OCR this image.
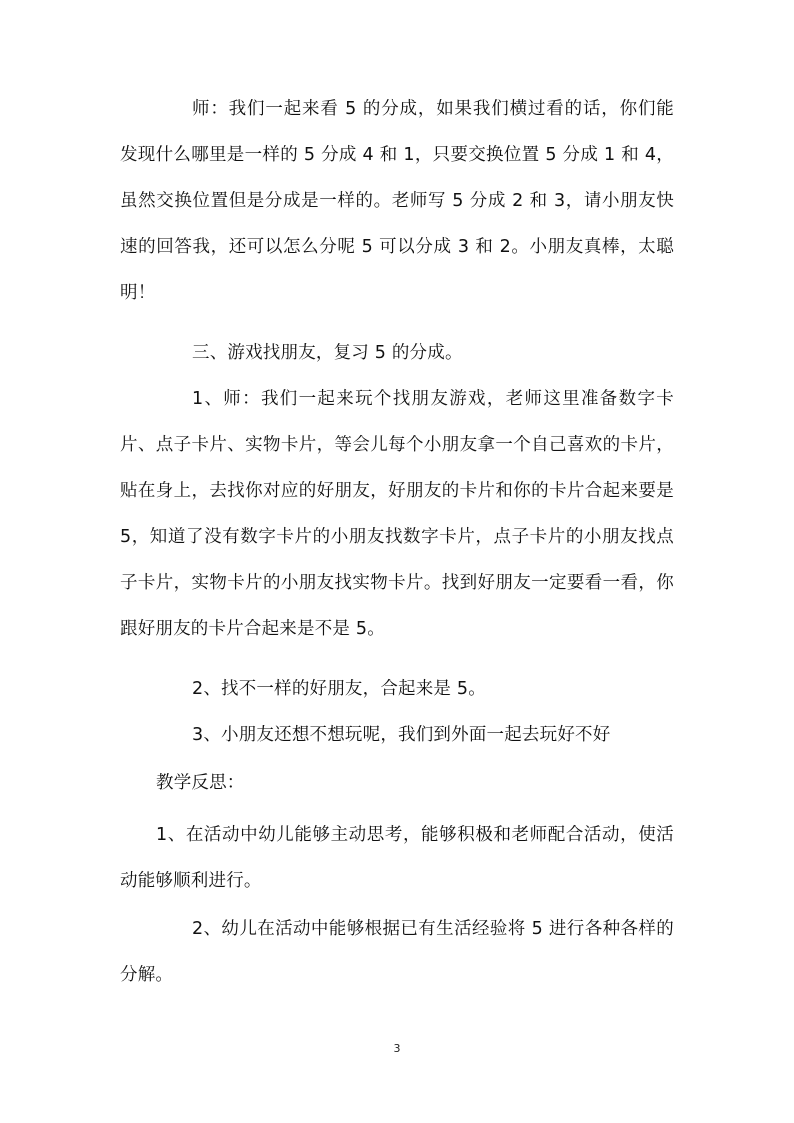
师：我们一起来看 5 的分成，如果我们横过看的话，你们能发现什么哪里是一样的 5 分成 4 和 1，只要交换位置 5 分成 1 和 4，虽然交换位置但是分成是一样的。老师写 5 分成 2 和 3，请小朋友快速的回答我，还可以怎么分呢 5 可以分成 3 和 2。小朋友真棒，太聪明！

三、游戏找朋友，复习 5 的分成。

1、师：我们一起来玩个找朋友游戏，老师这里准备数字卡片、点子卡片、实物卡片，等会儿每个小朋友拿一个自己喜欢的卡片，贴在身上，去找你对应的好朋友，好朋友的卡片和你的卡片合起来要是 5，知道了没有数字卡片的小朋友找数字卡片，点子卡片的小朋友找点子卡片，实物卡片的小朋友找实物卡片。找到好朋友一定要看一看，你跟好朋友的卡片合起来是不是 5。

2、找不一样的好朋友，合起来是 5。

3、小朋友还想不想玩呢，我们到外面一起去玩好不好

教学反思：

1、在活动中幼儿能够主动思考，能够积极和老师配合活动，使活动能够顺利进行。

2、幼儿在活动中能够根据已有生活经验将 5 进行各种各样的分解。

3
